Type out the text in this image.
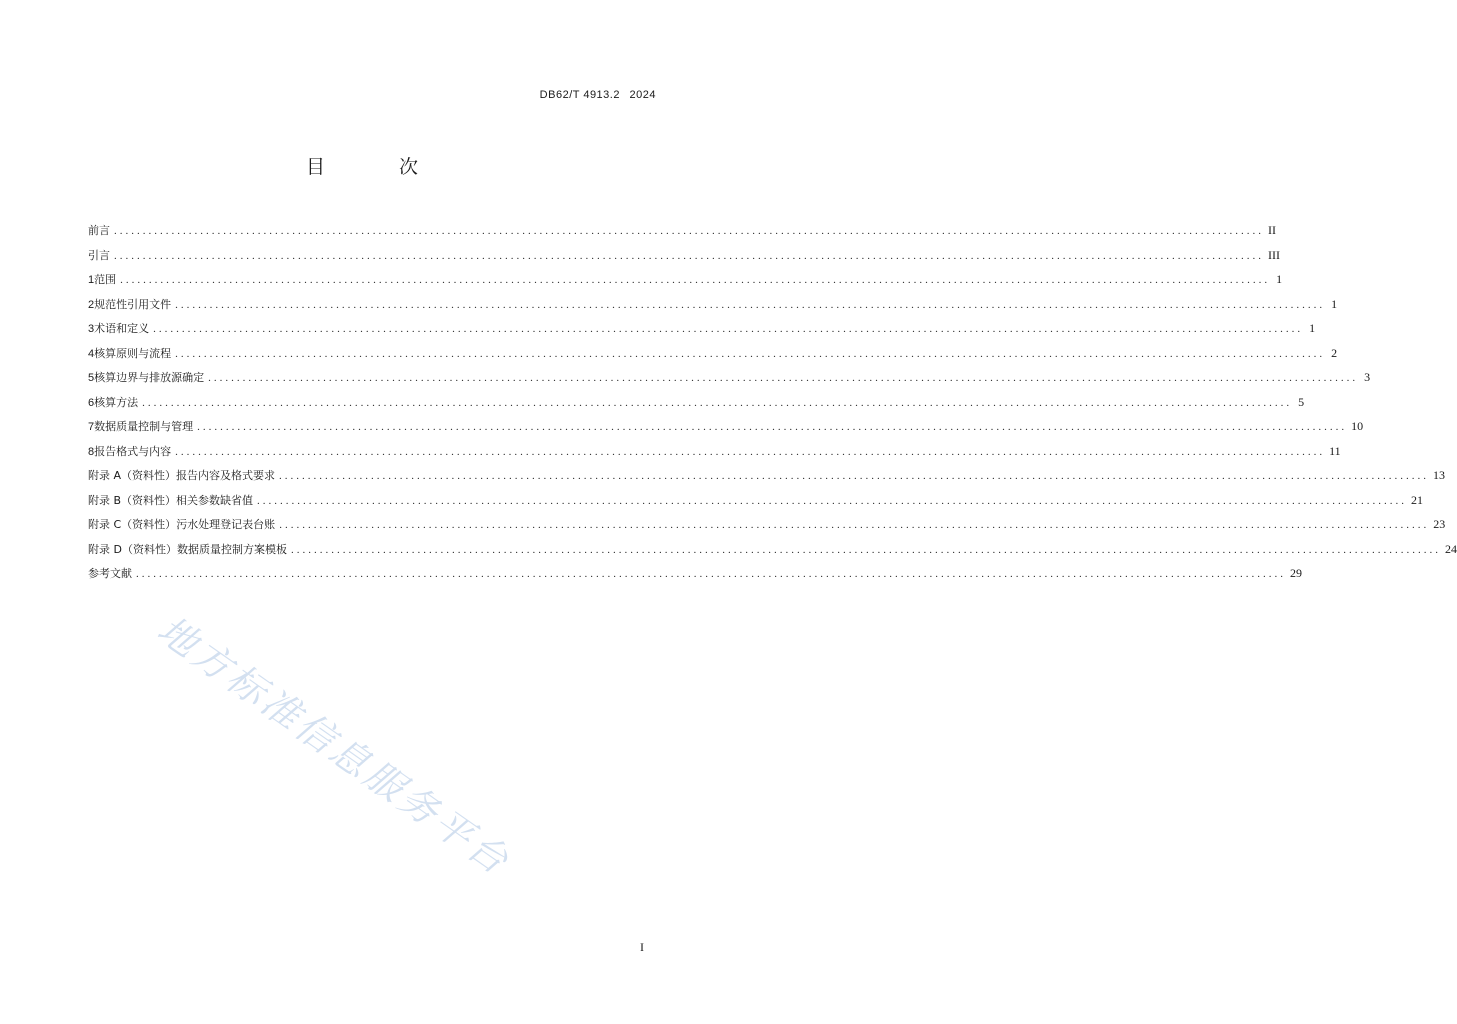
DB62/T 4913.2  2024
目 次
前言 ........................................................................................................................................................................................................ II
引言 ........................................................................................................................................................................................................ III
1 范围 ........................................................................................................................................................................................................ 1
2 规范性引用文件 ........................................................................................................................................................................................................ 1
3 术语和定义 ........................................................................................................................................................................................................ 1
4 核算原则与流程 ........................................................................................................................................................................................................ 2
5 核算边界与排放源确定 ........................................................................................................................................................................................................ 3
6 核算方法 ........................................................................................................................................................................................................ 5
7 数据质量控制与管理 ........................................................................................................................................................................................................ 10
8 报告格式与内容 ........................................................................................................................................................................................................ 11
附录 A（资料性） 报告内容及格式要求 ........................................................................................................................................................................................................ 13
附录 B（资料性） 相关参数缺省值 ........................................................................................................................................................................................................ 21
附录 C（资料性） 污水处理登记表台账 ........................................................................................................................................................................................................ 23
附录 D（资料性） 数据质量控制方案模板 ........................................................................................................................................................................................................ 24
参考文献 ........................................................................................................................................................................................................ 29
地方标准信息服务平台
I
